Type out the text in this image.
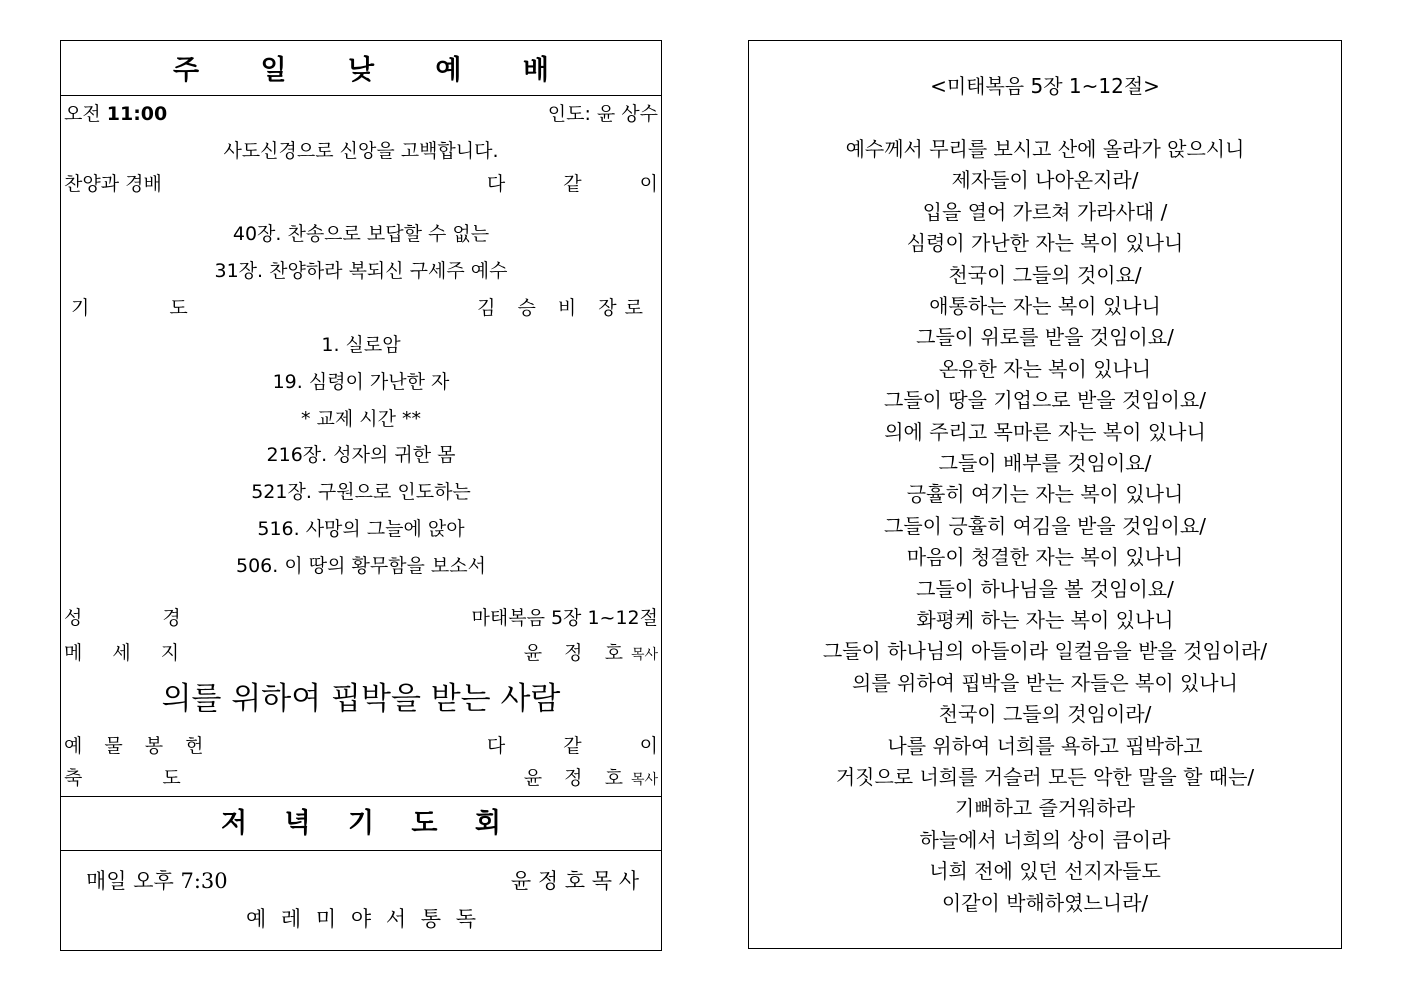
주 일 낮 예 배
오전 11:00	인도: 윤 상수
사도신경으로 신앙을 고백합니다.
찬양과 경배	다 같 이
40장. 찬송으로 보답할 수 없는
31장. 찬양하라 복되신 구세주 예수
기 도	김 승 비 장로
1. 실로암
19. 심령이 가난한 자
* 교제 시간 **
216장. 성자의 귀한 몸
521장. 구원으로 인도하는
516. 사망의 그늘에 앉아
506. 이 땅의 황무함을 보소서
성 경	마태복음 5장 1~12절
메 세 지	윤 정 호목사
의를 위하여 핍박을 받는 사람
예 물 봉 헌	다 같 이
축 도	윤 정 호목사
저 녁 기 도 회
매일 오후 7:30	윤 정 호 목 사
예 레 미 야 서 통 독
<미태복음 5장 1~12절>
예수께서 무리를 보시고 산에 올라가 앉으시니
제자들이 나아온지라/
입을 열어 가르쳐 가라사대 /
심령이 가난한 자는 복이 있나니
천국이 그들의 것이요/
애통하는 자는 복이 있나니
그들이 위로를 받을 것임이요/
온유한 자는 복이 있나니
그들이 땅을 기업으로 받을 것임이요/
의에 주리고 목마른 자는 복이 있나니
그들이 배부를 것임이요/
긍휼히 여기는 자는 복이 있나니
그들이 긍휼히 여김을 받을 것임이요/
마음이 청결한 자는 복이 있나니
그들이 하나님을 볼 것임이요/
화평케 하는 자는 복이 있나니
그들이 하나님의 아들이라 일컬음을 받을 것임이라/
의를 위하여 핍박을 받는 자들은 복이 있나니
천국이 그들의 것임이라/
나를 위하여 너희를 욕하고 핍박하고
거짓으로 너희를 거슬러 모든 악한 말을 할 때는/
기뻐하고 즐거워하라
하늘에서 너희의 상이 큼이라
너희 전에 있던 선지자들도
이같이 박해하였느니라/
